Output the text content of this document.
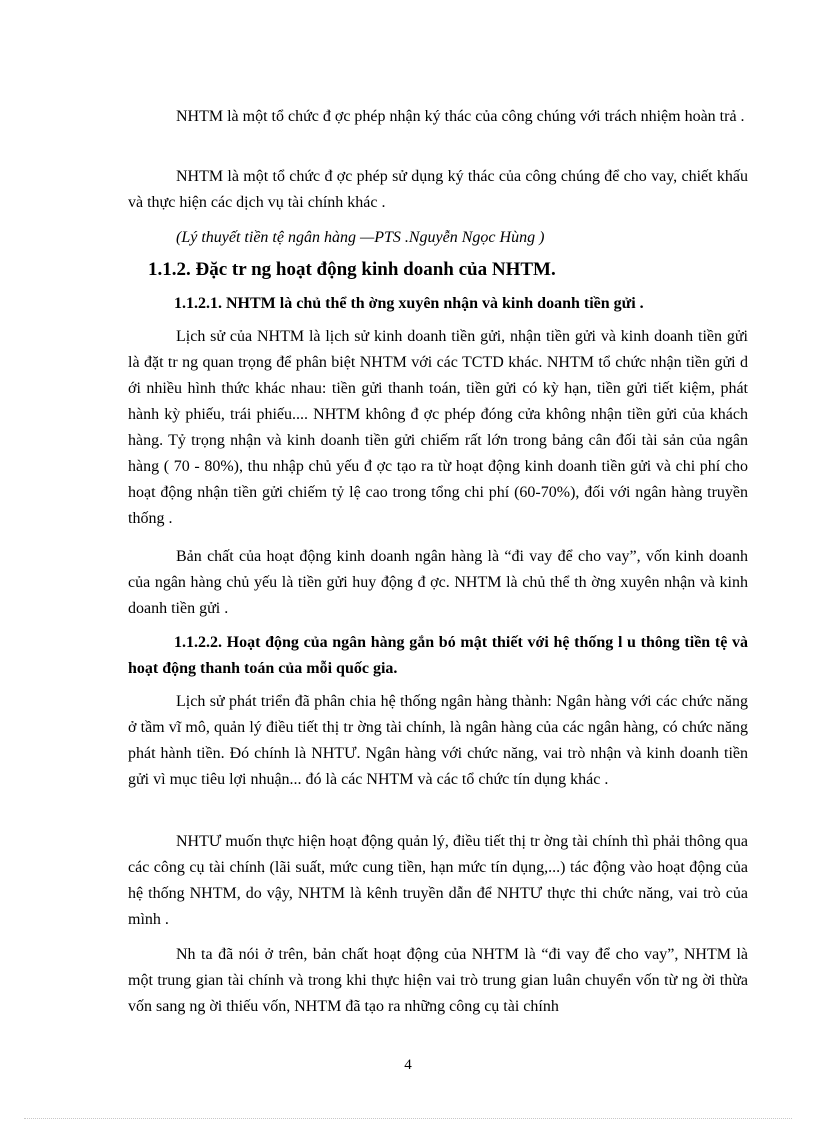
NHTM là một tổ chức đ ợc phép nhận ký thác của công chúng với trách nhiệm hoàn trả .

NHTM là một tổ chức đ ợc phép sử dụng ký thác của công chúng để cho vay, chiết khấu và thực hiện các dịch vụ tài chính khác .

(Lý thuyết tiền tệ ngân hàng —PTS .Nguyễn Ngọc Hùng )

1.1.2. Đặc tr ng hoạt động kinh doanh của NHTM.

1.1.2.1. NHTM là chủ thể th ờng xuyên nhận và kinh doanh tiền gửi .

Lịch sử của NHTM là lịch sử kinh doanh tiền gửi, nhận tiền gửi và kinh doanh tiền gửi là đặt tr ng quan trọng để phân biệt NHTM với các TCTD khác. NHTM tổ chức nhận tiền gửi d ới nhiều hình thức khác nhau: tiền gửi thanh toán, tiền gửi có kỳ hạn, tiền gửi tiết kiệm, phát hành kỳ phiếu, trái phiếu.... NHTM không đ ợc phép đóng cửa không nhận tiền gửi của khách hàng. Tỷ trọng nhận và kinh doanh tiền gửi chiếm rất lớn trong bảng cân đối tài sản của ngân hàng ( 70 - 80%), thu nhập chủ yếu đ ợc tạo ra từ hoạt động kinh doanh tiền gửi và chi phí cho hoạt động nhận tiền gửi chiếm tỷ lệ cao trong tổng chi phí (60-70%), đối với ngân hàng truyền thống .

Bản chất của hoạt động kinh doanh ngân hàng là “đi vay để cho vay”, vốn kinh doanh của ngân hàng chủ yếu là tiền gửi huy động đ ợc. NHTM là chủ thể th ờng xuyên nhận và kinh doanh tiền gửi .

1.1.2.2. Hoạt động của ngân hàng gắn bó mật thiết với hệ thống l u thông tiền tệ và hoạt động thanh toán của mỗi quốc gia.

Lịch sử phát triển đã phân chia hệ thống ngân hàng thành: Ngân hàng với các chức năng ở tầm vĩ mô, quản lý điều tiết thị tr ờng tài chính, là ngân hàng của các ngân hàng, có chức năng phát hành tiền. Đó chính là NHTƯ. Ngân hàng với chức năng, vai trò nhận và kinh doanh tiền gửi vì mục tiêu lợi nhuận... đó là các NHTM và các tổ chức tín dụng khác .

NHTƯ muốn thực hiện hoạt động quản lý, điều tiết thị tr ờng tài chính thì phải thông qua các công cụ tài chính (lãi suất, mức cung tiền, hạn mức tín dụng,...) tác động vào hoạt động của hệ thống NHTM, do vậy, NHTM là kênh truyền dẫn để NHTƯ thực thi chức năng, vai trò của mình .

Nh ta đã nói ở trên, bản chất hoạt động của NHTM là “đi vay để cho vay”, NHTM là một trung gian tài chính và trong khi thực hiện vai trò trung gian luân chuyển vốn từ ng ời thừa vốn sang ng ời thiếu vốn, NHTM đã tạo ra những công cụ tài chính

4
